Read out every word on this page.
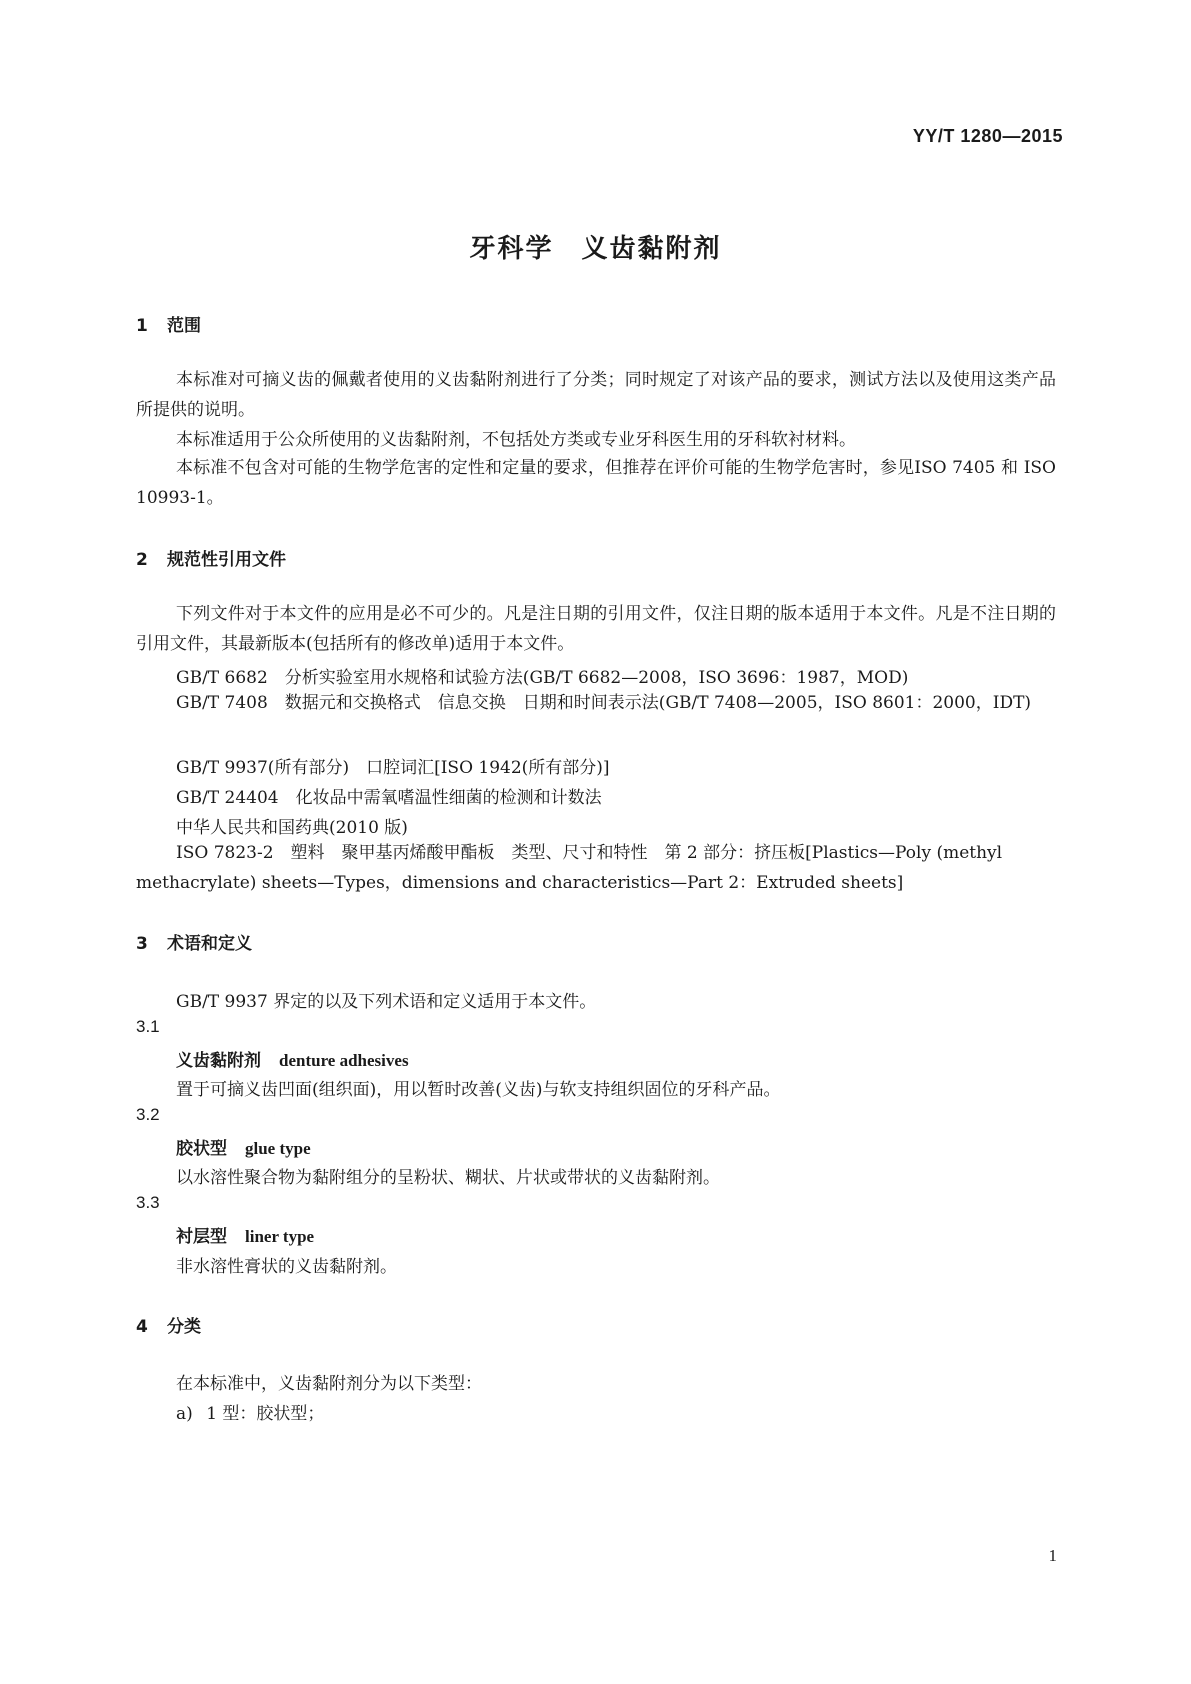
YY/T 1280—2015
牙科学　义齿黏附剂
1 范围
本标准对可摘义齿的佩戴者使用的义齿黏附剂进行了分类；同时规定了对该产品的要求，测试方法以及使用这类产品所提供的说明。
本标准适用于公众所使用的义齿黏附剂，不包括处方类或专业牙科医生用的牙科软衬材料。
本标准不包含对可能的生物学危害的定性和定量的要求，但推荐在评价可能的生物学危害时，参见ISO 7405 和 ISO 10993-1。
2 规范性引用文件
下列文件对于本文件的应用是必不可少的。凡是注日期的引用文件，仅注日期的版本适用于本文件。凡是不注日期的引用文件，其最新版本(包括所有的修改单)适用于本文件。
GB/T 6682　分析实验室用水规格和试验方法(GB/T 6682—2008，ISO 3696：1987，MOD)
GB/T 7408　数据元和交换格式　信息交换　日期和时间表示法(GB/T 7408—2005，ISO 8601：2000，IDT)
GB/T 9937(所有部分)　口腔词汇[ISO 1942(所有部分)]
GB/T 24404　化妆品中需氧嗜温性细菌的检测和计数法
中华人民共和国药典(2010 版)
ISO 7823-2　塑料　聚甲基丙烯酸甲酯板　类型、尺寸和特性　第 2 部分：挤压板[Plastics—Poly (methyl methacrylate) sheets—Types，dimensions and characteristics—Part 2：Extruded sheets]
3 术语和定义
GB/T 9937 界定的以及下列术语和定义适用于本文件。
3.1
义齿黏附剂 denture adhesives
置于可摘义齿凹面(组织面)，用以暂时改善(义齿)与软支持组织固位的牙科产品。
3.2
胶状型 glue type
以水溶性聚合物为黏附组分的呈粉状、糊状、片状或带状的义齿黏附剂。
3.3
衬层型 liner type
非水溶性膏状的义齿黏附剂。
4 分类
在本标准中，义齿黏附剂分为以下类型：
a) 1 型：胶状型；
1
